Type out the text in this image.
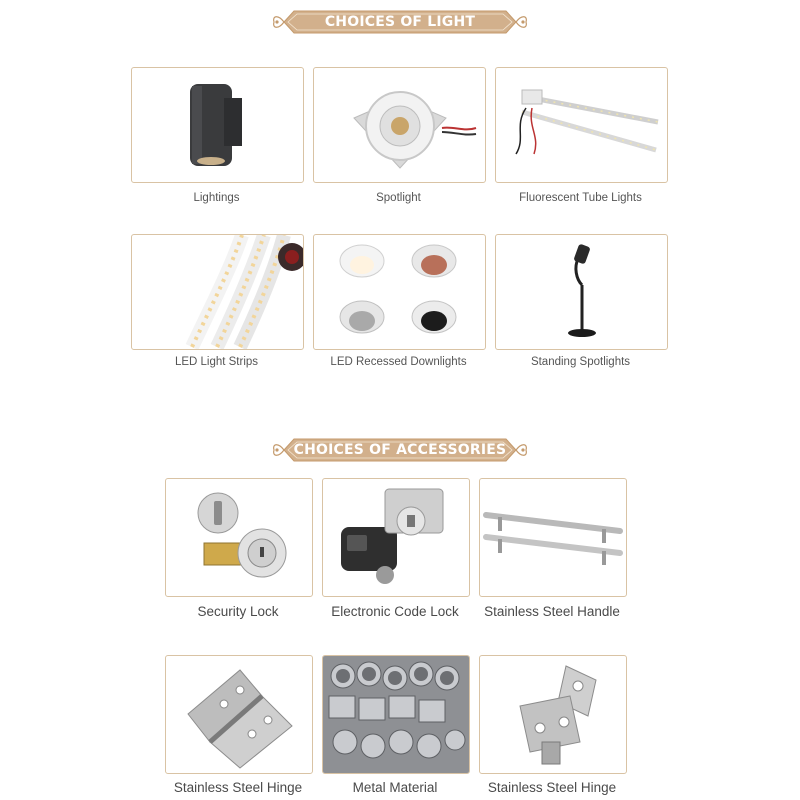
CHOICES OF LIGHT
Lightings	Spotlight	Fluorescent Tube Lights
LED Light Strips	LED Recessed Downlights	Standing Spotlights
CHOICES OF ACCESSORIES
Security Lock	Electronic Code Lock	Stainless Steel Handle
Stainless Steel Hinge	Metal Material	Stainless Steel Hinge
